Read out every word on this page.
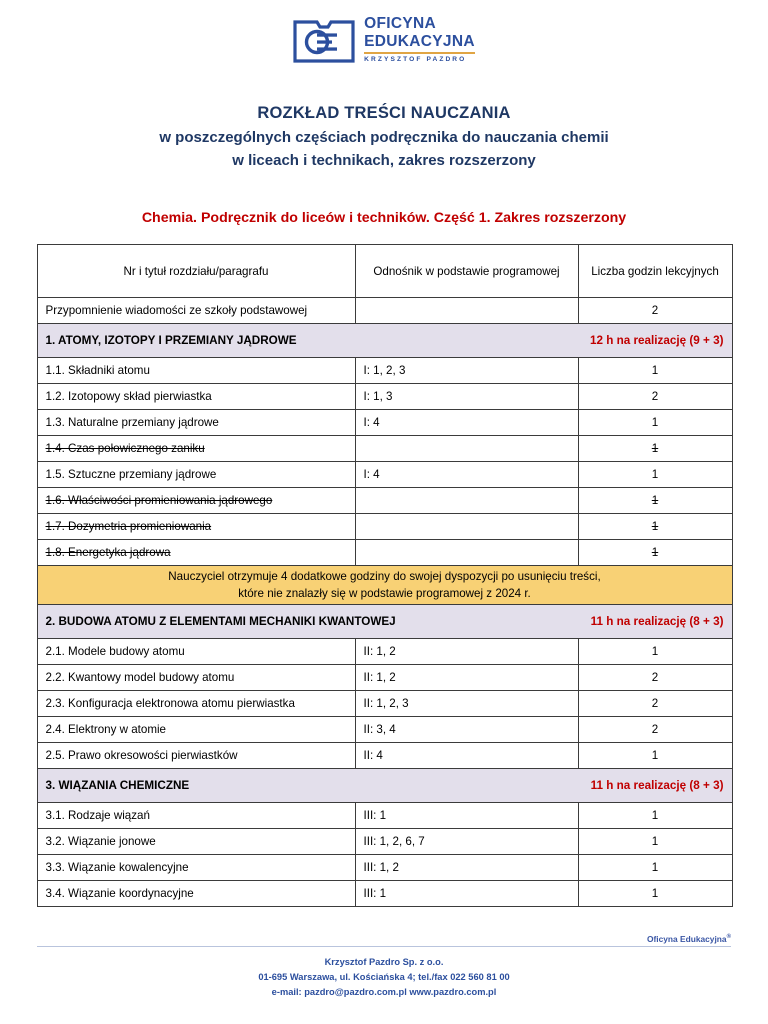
OFICYNA
EDUKACYJNA
KRZYSZTOF PAZDRO
ROZKŁAD TREŚCI NAUCZANIA
w poszczególnych częściach podręcznika do nauczania chemii
w liceach i technikach, zakres rozszerzony
Chemia. Podręcznik do liceów i techników. Część 1. Zakres rozszerzony
Nr i tytuł rozdziału/paragrafu	Odnośnik w podstawie programowej	Liczba godzin lekcyjnych
Przypomnienie wiadomości ze szkoły podstawowej		2

1. ATOMY, IZOTOPY I PRZEMIANY JĄDROWE 12 h na realizację (9 + 3)		

1.1. Składniki atomu	I: 1, 2, 3	1
1.2. Izotopowy skład pierwiastka	I: 1, 3	2
1.3. Naturalne przemiany jądrowe	I: 4	1
1.4. Czas połowicznego zaniku		1
1.5. Sztuczne przemiany jądrowe	I: 4	1
1.6. Właściwości promieniowania jądrowego		1
1.7. Dozymetria promieniowania		1
1.8. Energetyka jądrowa		1

Nauczyciel otrzymuje 4 dodatkowe godziny do swojej dyspozycji po usunięciu treści,
które nie znalazły się w podstawie programowej z 2024 r.		

2. BUDOWA ATOMU Z ELEMENTAMI MECHANIKI KWANTOWEJ 11 h na realizację (8 + 3)		

2.1. Modele budowy atomu	II: 1, 2	1
2.2. Kwantowy model budowy atomu	II: 1, 2	2
2.3. Konfiguracja elektronowa atomu pierwiastka	II: 1, 2, 3	2
2.4. Elektrony w atomie	II: 3, 4	2
2.5. Prawo okresowości pierwiastków	II: 4	1

3. WIĄZANIA CHEMICZNE 11 h na realizację (8 + 3)		

3.1. Rodzaje wiązań	III: 1	1
3.2. Wiązanie jonowe	III: 1, 2, 6, 7	1
3.3. Wiązanie kowalencyjne	III: 1, 2	1
3.4. Wiązanie koordynacyjne	III: 1	1
Oficyna Edukacyjna®
Krzysztof Pazdro Sp. z o.o.
01-695 Warszawa, ul. Kościańska 4; tel./fax 022 560 81 00
e-mail: pazdro@pazdro.com.pl www.pazdro.com.pl
